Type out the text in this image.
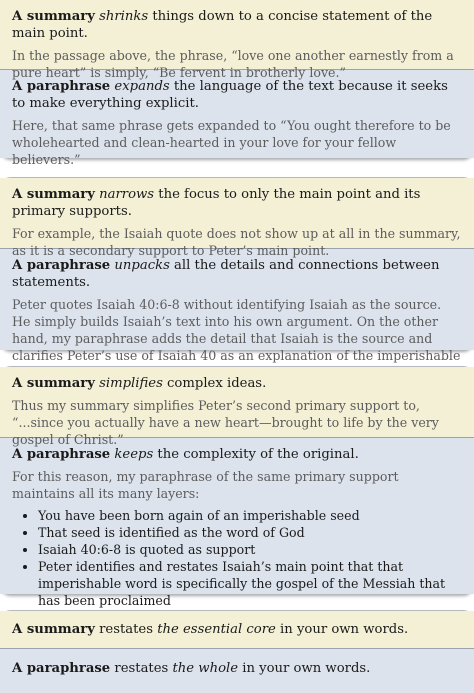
A summary shrinks things down to a concise statement of the main point.
In the passage above, the phrase, “love one another earnestly from a pure heart” is simply, “Be fervent in brotherly love.”
A paraphrase expands the language of the text because it seeks to make everything explicit.
Here, that same phrase gets expanded to “You ought therefore to be wholehearted and clean-hearted in your love for your fellow believers.”
A summary narrows the focus to only the main point and its primary supports.
For example, the Isaiah quote does not show up at all in the summary, as it is a secondary support to Peter’s main point.
A paraphrase unpacks all the details and connections between statements.
Peter quotes Isaiah 40:6-8 without identifying Isaiah as the source. He simply builds Isaiah’s text into his own argument. On the other hand, my paraphrase adds the detail that Isaiah is the source and clarifies Peter’s use of Isaiah 40 as an explanation of the imperishable
A summary simplifies complex ideas.
Thus my summary simplifies Peter’s second primary support to, “...since you actually have a new heart—brought to life by the very gospel of Christ.”
A paraphrase keeps the complexity of the original.
For this reason, my paraphrase of the same primary support maintains all its many layers:
• You have been born again of an imperishable seed
• That seed is identified as the word of God
• Isaiah 40:6-8 is quoted as support
• Peter identifies and restates Isaiah’s main point that that imperishable word is specifically the gospel of the Messiah that has been proclaimed
A summary restates the essential core in your own words.
A paraphrase restates the whole in your own words.
